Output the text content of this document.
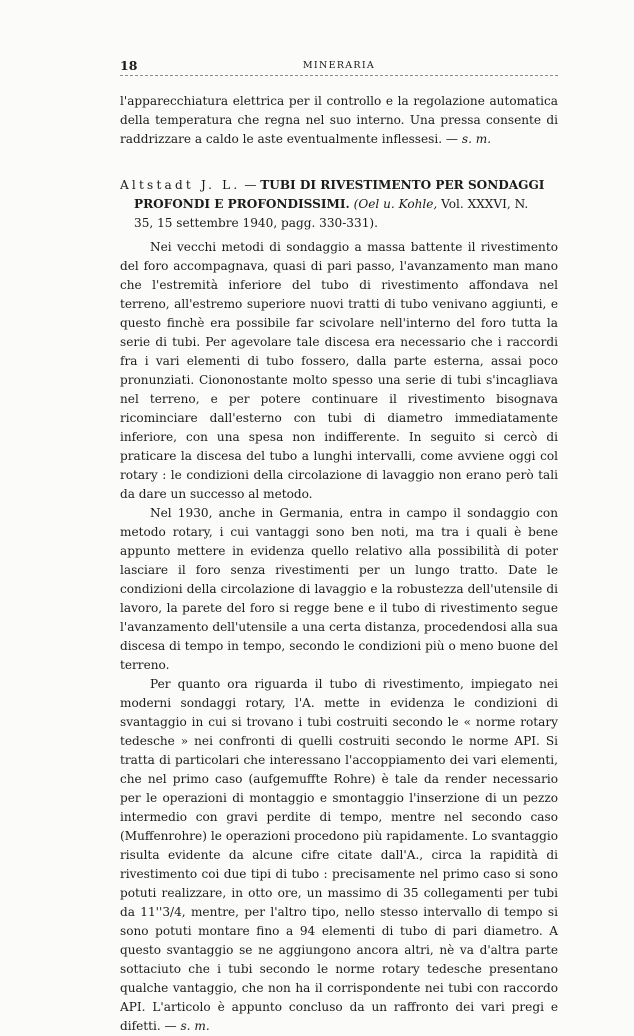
18	MINERARIA

l'apparecchiatura elettrica per il controllo e la regolazione automatica della temperatura che regna nel suo interno. Una pressa consente di raddrizzare a caldo le aste eventualmente inflessesi. — s. m.

Altstadt J. L. — TUBI DI RIVESTIMENTO PER SONDAGGI
PROFONDI E PROFONDISSIMI. (Oel u. Kohle, Vol. XXXVI, N.
35, 15 settembre 1940, pagg. 330-331).

Nei vecchi metodi di sondaggio a massa battente il rivestimento del foro accompagnava, quasi di pari passo, l'avanzamento man mano che l'estremità inferiore del tubo di rivestimento affondava nel terreno, all'estremo superiore nuovi tratti di tubo venivano aggiunti, e questo finchè era possibile far scivolare nell'interno del foro tutta la serie di tubi. Per agevolare tale discesa era necessario che i raccordi fra i vari elementi di tubo fossero, dalla parte esterna, assai poco pronunziati. Ciononostante molto spesso una serie di tubi s'incagliava nel terreno, e per potere continuare il rivestimento bisognava ricominciare dall'esterno con tubi di diametro immediatamente inferiore, con una spesa non indifferente. In seguito si cercò di praticare la discesa del tubo a lunghi intervalli, come avviene oggi col rotary : le condizioni della circolazione di lavaggio non erano però tali da dare un successo al metodo.

Nel 1930, anche in Germania, entra in campo il sondaggio con metodo rotary, i cui vantaggi sono ben noti, ma tra i quali è bene appunto mettere in evidenza quello relativo alla possibilità di poter lasciare il foro senza rivestimenti per un lungo tratto. Date le condizioni della circolazione di lavaggio e la robustezza dell'utensile di lavoro, la parete del foro si regge bene e il tubo di rivestimento segue l'avanzamento dell'utensile a una certa distanza, procedendosi alla sua discesa di tempo in tempo, secondo le condizioni più o meno buone del terreno.

Per quanto ora riguarda il tubo di rivestimento, impiegato nei moderni sondaggi rotary, l'A. mette in evidenza le condizioni di svantaggio in cui si trovano i tubi costruiti secondo le « norme rotary tedesche » nei confronti di quelli costruiti secondo le norme API. Si tratta di particolari che interessano l'accoppiamento dei vari elementi, che nel primo caso (aufgemuffte Rohre) è tale da render necessario per le operazioni di montaggio e smontaggio l'inserzione di un pezzo intermedio con gravi perdite di tempo, mentre nel secondo caso (Muffenrohre) le operazioni procedono più rapidamente. Lo svantaggio risulta evidente da alcune cifre citate dall'A., circa la rapidità di rivestimento coi due tipi di tubo : precisamente nel primo caso si sono potuti realizzare, in otto ore, un massimo di 35 collegamenti per tubi da 11''3/4, mentre, per l'altro tipo, nello stesso intervallo di tempo si sono potuti montare fino a 94 elementi di tubo di pari diametro. A questo svantaggio se ne aggiungono ancora altri, nè va d'altra parte sottaciuto che i tubi secondo le norme rotary tedesche presentano qualche vantaggio, che non ha il corrispondente nei tubi con raccordo API. L'articolo è appunto concluso da un raffronto dei vari pregi e difetti. — s. m.
